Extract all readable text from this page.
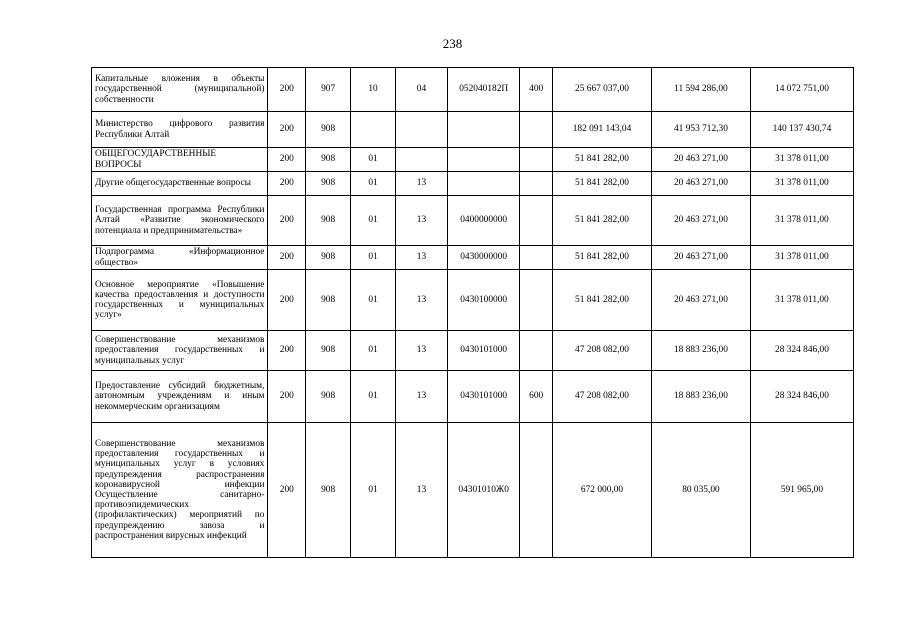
238
Капитальные вложения в объекты государственной (муниципальной) собственности	200	907	10	04	052040182П	400	25 667 037,00	11 594 286,00	14 072 751,00
Министерство цифрового развития Республики Алтай	200	908					182 091 143,04	41 953 712,30	140 137 430,74
ОБЩЕГОСУДАРСТВЕННЫЕ ВОПРОСЫ	200	908	01				51 841 282,00	20 463 271,00	31 378 011,00
Другие общегосударственные вопросы	200	908	01	13			51 841 282,00	20 463 271,00	31 378 011,00
Государственная программа Республики Алтай «Развитие экономического потенциала и предпринимательства»	200	908	01	13	0400000000		51 841 282,00	20 463 271,00	31 378 011,00
Подпрограмма «Информационное общество»	200	908	01	13	0430000000		51 841 282,00	20 463 271,00	31 378 011,00
Основное мероприятие «Повышение качества предоставления и доступности государственных и муниципальных услуг»	200	908	01	13	0430100000		51 841 282,00	20 463 271,00	31 378 011,00
Совершенствование механизмов предоставления государственных и муниципальных услуг	200	908	01	13	0430101000		47 208 082,00	18 883 236,00	28 324 846,00
Предоставление субсидий бюджетным, автономным учреждениям и иным некоммерческим организациям	200	908	01	13	0430101000	600	47 208 082,00	18 883 236,00	28 324 846,00
Совершенствование механизмов предоставления государственных и муниципальных услуг в условиях предупреждения распространения коронавирусной инфекции Осуществление санитарно-противоэпидемических (профилактических) мероприятий по предупреждению завоза и распространения вирусных инфекций	200	908	01	13	04301010Ж0		672 000,00	80 035,00	591 965,00
